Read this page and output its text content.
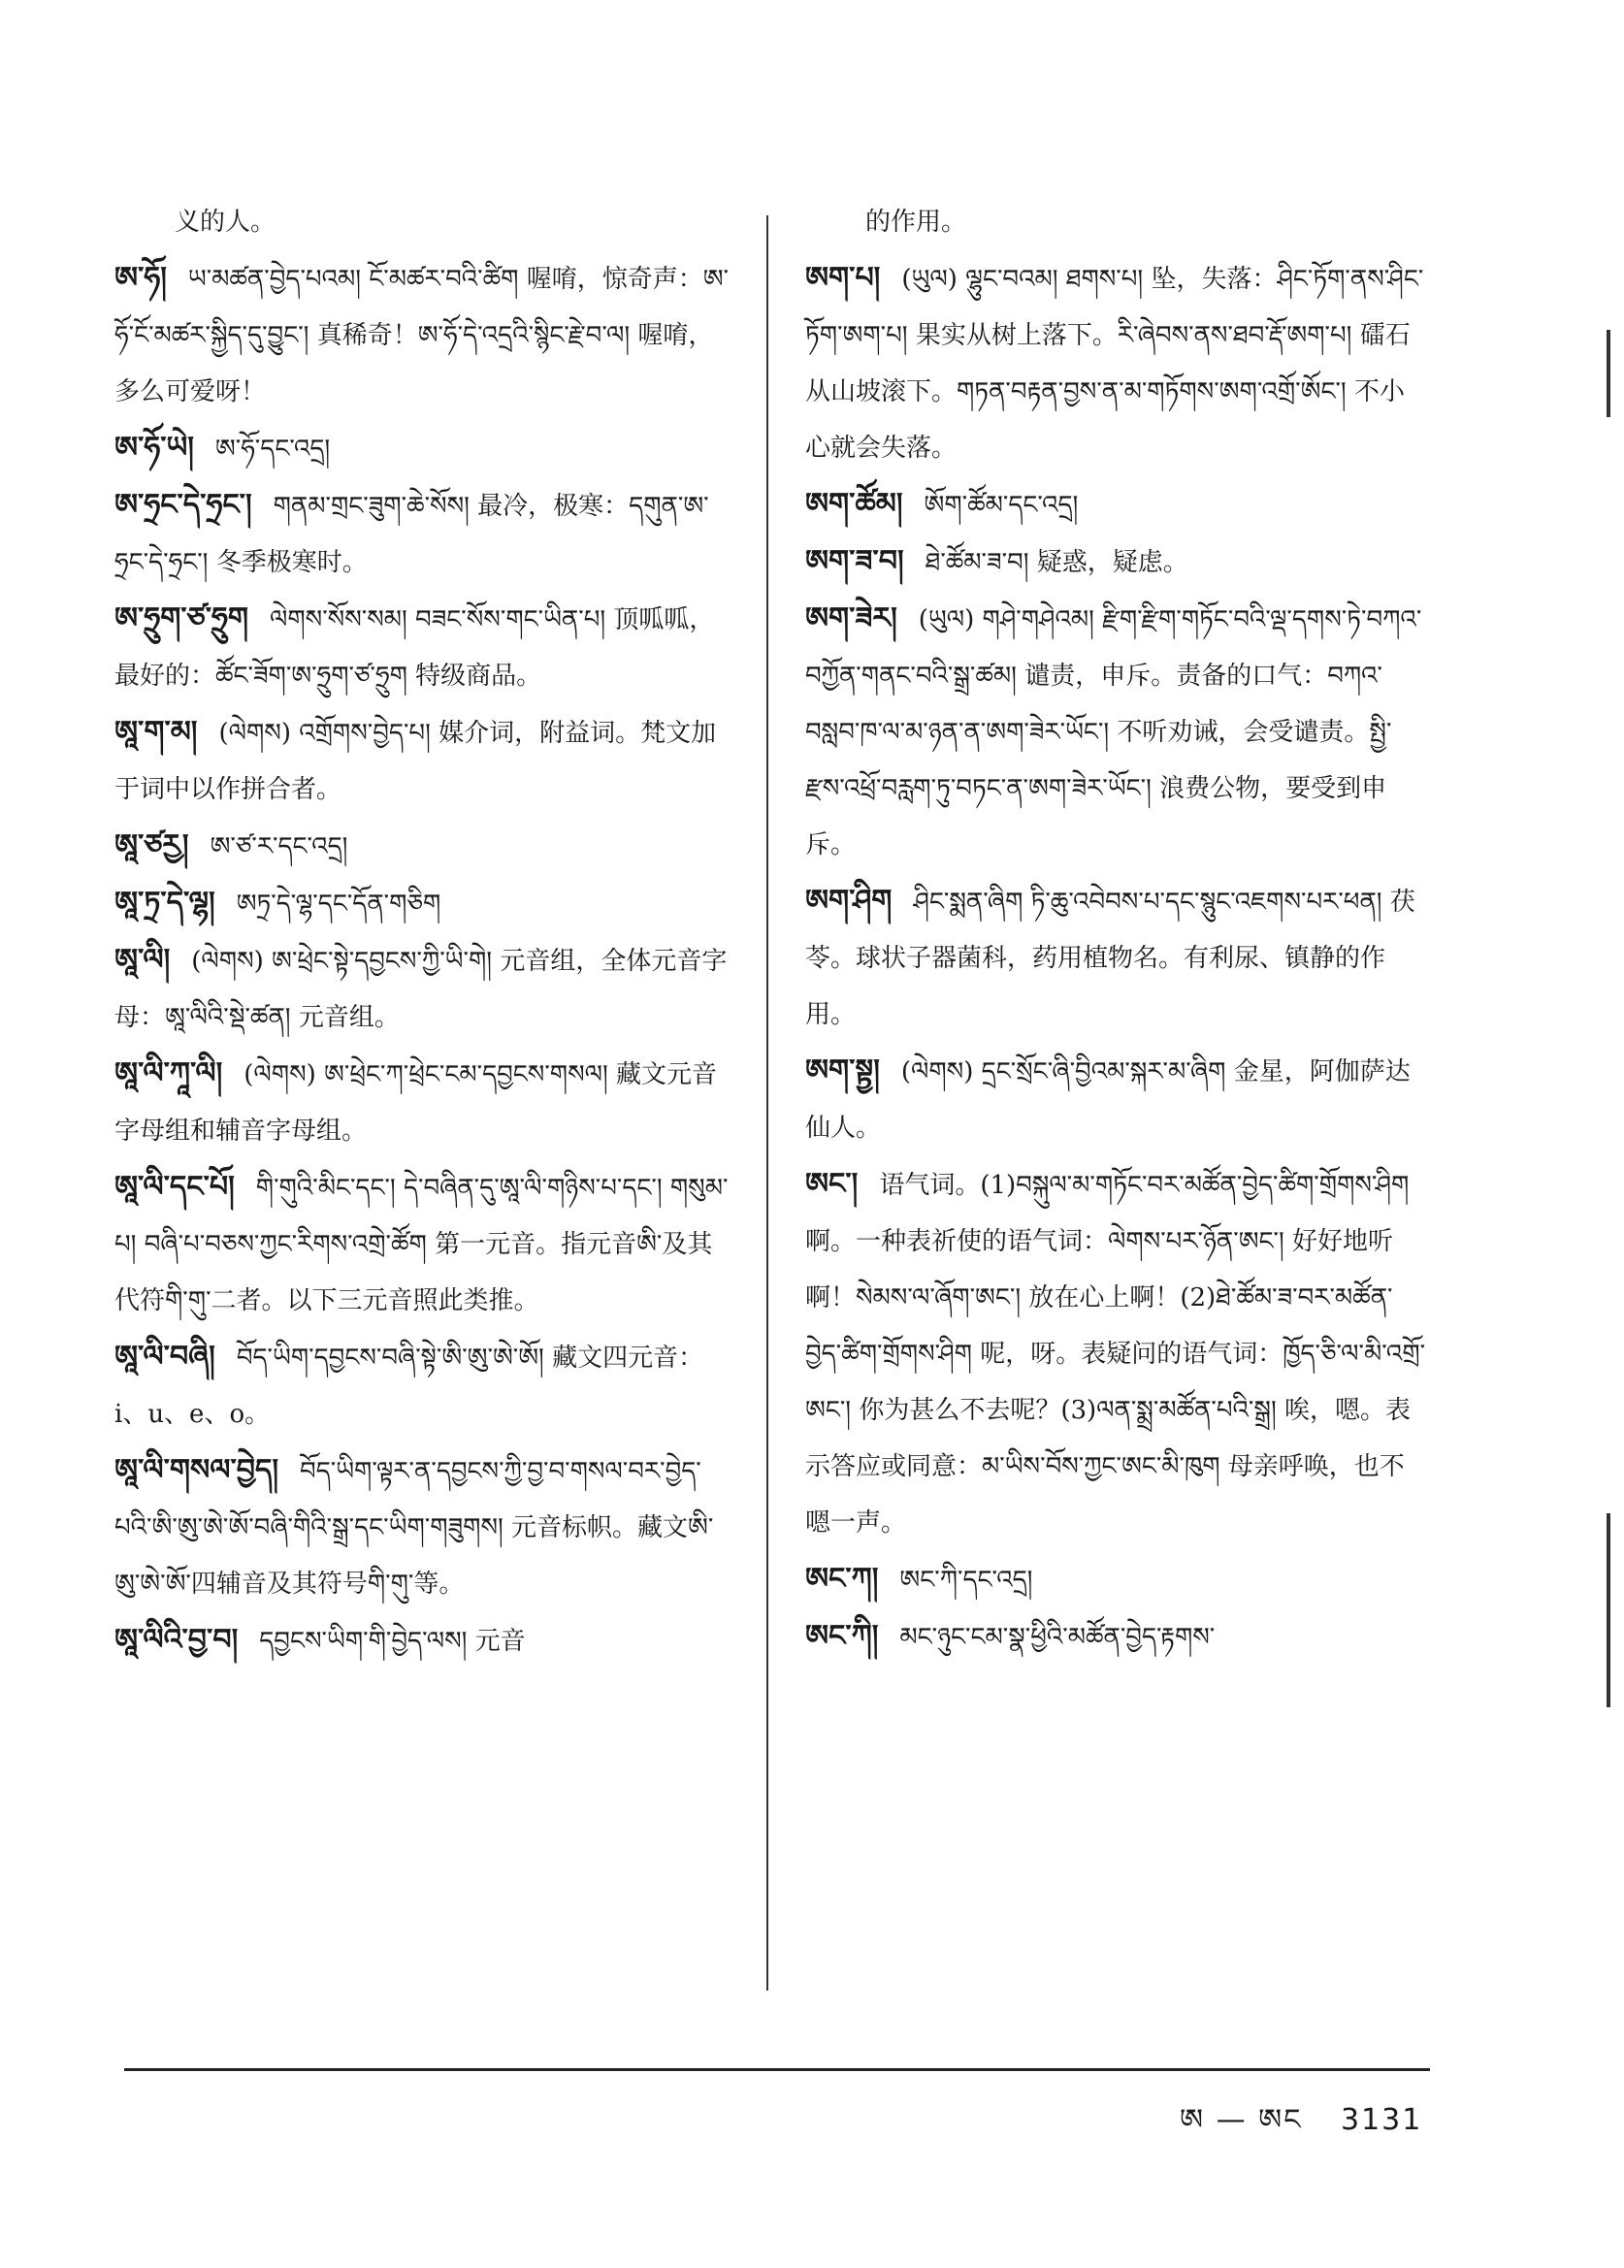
义的人。
ཨ་ཧོ། ཡ་མཚན་བྱེད་པའམ། ངོ་མཚར་བའི་ཚིག 喔唷，惊奇声：ཨ་ཧོ་ངོ་མཚར་སྐྱིད་དུ་བྱུང་། 真稀奇！ཨ་ཧོ་དེ་འདྲའི་སྙིང་རྗེ་བ་ལ། 喔唷，多么可爱呀！
ཨ་ཧོ་ཡེ། ཨ་ཧོ་དང་འདྲ།
ཨ་ཧྲང་དེ་ཧྲང་། གནམ་གྲང་ཟུག་ཆེ་སོས། 最冷，极寒：དགུན་ཨ་ཧྲང་དེ་ཧྲང་། 冬季极寒时。
ཨ་ཧྲུག་ཙ་ཧྲུག ལེགས་སོས་སམ། བཟང་སོས་གང་ཡིན་པ། 顶呱呱，最好的：ཚོང་ཟོག་ཨ་ཧྲུག་ཙ་ཧྲུག 特级商品。
ཨཱ་ག་མ། (ལེགས) འགྲོགས་བྱེད་པ། 媒介词，附益词。梵文加于词中以作拼合者。
ཨཱ་ཙརྱ། ཨ་ཙ་ར་དང་འདྲ།
ཨཱ་ཏྲ་དེ་ལྷ། ཨཏྲ་དེ་ལྷ་དང་དོན་གཅིག
ཨཱ་ལི། (ལེགས) ཨ་ཕྲེང་སྟེ་དབྱངས་ཀྱི་ཡི་གེ། 元音组，全体元音字母：ཨཱ་ལིའི་སྡེ་ཚན། 元音组。
ཨཱ་ལི་ཀཱ་ལི། (ལེགས) ཨ་ཕྲེང་ཀ་ཕྲེང་ངམ་དབྱངས་གསལ། 藏文元音字母组和辅音字母组。
ཨཱ་ལི་དང་པོ། གི་གུའི་མིང་དང་། དེ་བཞིན་དུ་ཨཱ་ལི་གཉིས་པ་དང་། གསུམ་པ། བཞི་པ་བཅས་ཀྱང་རིགས་འགྲེ་ཚོག 第一元音。指元音ཨི་及其代符གི་གུ་二者。以下三元音照此类推。
ཨཱ་ལི་བཞི། བོད་ཡིག་དབྱངས་བཞི་སྟེ་ཨི་ཨུ་ཨེ་ཨོ། 藏文四元音：i、u、e、o。
ཨཱ་ལི་གསལ་བྱེད། བོད་ཡིག་ལྟར་ན་དབྱངས་ཀྱི་བྱ་བ་གསལ་བར་བྱེད་པའི་ཨི་ཨུ་ཨེ་ཨོ་བཞི་གིའི་སྒྲ་དང་ཡིག་གཟུགས། 元音标帜。藏文ཨི་ཨུ་ཨེ་ཨོ་四辅音及其符号གི་གུ་等。
ཨཱ་ལིའི་བྱ་བ། དབྱངས་ཡིག་གི་བྱེད་ལས། 元音
的作用。
ཨག་པ། (ཡུལ) ལྷུང་བའམ། ཐགས་པ། 坠，失落：ཤིང་ཏོག་ནས་ཤིང་ཏོག་ཨག་པ། 果实从树上落下。རི་ཞེབས་ནས་ཐབ་རྡོ་ཨག་པ། 礌石从山坡滚下。གཏན་བརྟན་བྱས་ན་མ་གཏོགས་ཨག་འགྲོ་ཨོང་། 不小心就会失落。
ཨག་ཚོམ། ཨོག་ཚོམ་དང་འདྲ།
ཨག་ཟ་བ། ཐེ་ཚོམ་ཟ་བ། 疑惑，疑虑。
ཨག་ཟེར། (ཡུལ) གཤེ་གཤེའམ། རྫིག་རྫིག་གཏོང་བའི་ལྡ་དགས་ཏེ་བཀའ་བཀྱོན་གནང་བའི་སྒྲ་ཚམ། 谴责，申斥。责备的口气：བཀའ་བསླབ་ཁ་ལ་མ་ཉན་ན་ཨག་ཟེར་ཡོང་། 不听劝诫，会受谴责。སྤྱི་རྫས་འཕྲོ་བརླག་ཏུ་བཏང་ན་ཨག་ཟེར་ཡོང་། 浪费公物，要受到申斥。
ཨག་ཤིག ཤིང་སྨན་ཞིག ཏི་ཆུ་འབེབས་པ་དང་སྙུང་འཇགས་པར་ཕན། 茯苓。球状子器菌科，药用植物名。有利尿、镇静的作用。
ཨག་སྟྱ། (ལེགས) དྲང་སྲོང་ཞི་བྱིའམ་སྐར་མ་ཞིག 金星，阿伽萨达仙人。
ཨང་། 语气词。(1)བསྐུལ་མ་གཏོང་བར་མཚོན་བྱེད་ཚིག་གྲོགས་ཤིག 啊。一种表祈使的语气词：ལེགས་པར་ཉོན་ཨང་། 好好地听啊！སེམས་ལ་ཞོག་ཨང་། 放在心上啊！(2)ཐེ་ཚོམ་ཟ་བར་མཚོན་བྱེད་ཚིག་གྲོགས་ཤིག 呢，呀。表疑问的语气词：ཁྱོད་ཅི་ལ་མི་འགྲོ་ཨང་། 你为甚么不去呢？(3)ལན་སྨྲ་མཚོན་པའི་སྒྲ། 唉，嗯。表示答应或同意：མ་ཡིས་བོས་ཀྱང་ཨང་མི་ཁུག 母亲呼唤，也不嗯一声。
ཨང་ཀ། ཨང་ཀི་དང་འདྲ།
ཨང་ཀི། མང་ཉུང་ངམ་སྣ་ཕྱིའི་མཚོན་བྱེད་རྟགས་
ཨ — ཨང 3131
